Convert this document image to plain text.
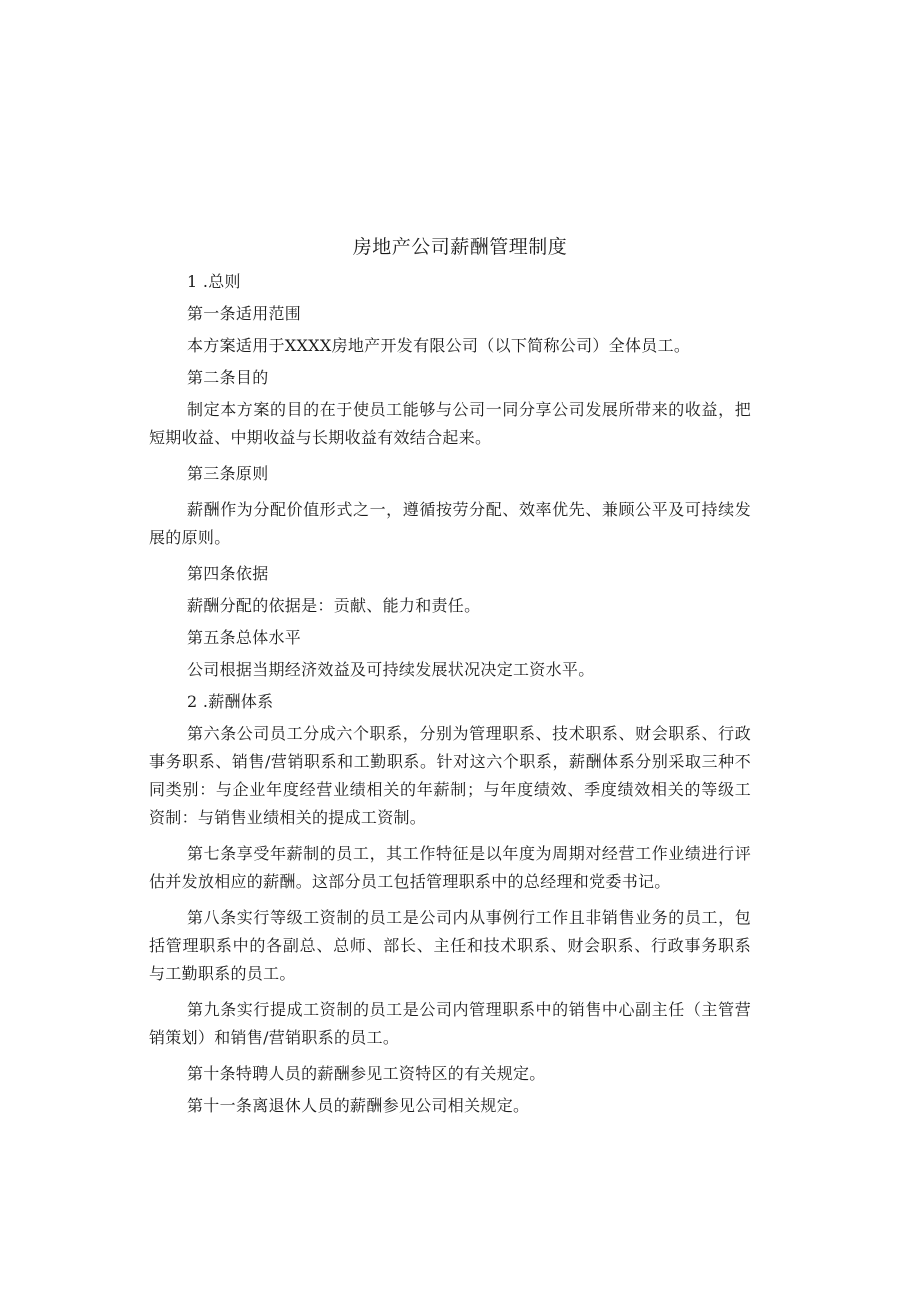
房地产公司薪酬管理制度

1 .总则

第一条适用范围

本方案适用于XXXX房地产开发有限公司（以下简称公司）全体员工。

第二条目的

制定本方案的目的在于使员工能够与公司一同分享公司发展所带来的收益，把短期收益、中期收益与长期收益有效结合起来。

第三条原则

薪酬作为分配价值形式之一，遵循按劳分配、效率优先、兼顾公平及可持续发展的原则。

第四条依据

薪酬分配的依据是：贡献、能力和责任。

第五条总体水平

公司根据当期经济效益及可持续发展状况决定工资水平。

2 .薪酬体系

第六条公司员工分成六个职系，分别为管理职系、技术职系、财会职系、行政事务职系、销售/营销职系和工勤职系。针对这六个职系，薪酬体系分别采取三种不同类别：与企业年度经营业绩相关的年薪制；与年度绩效、季度绩效相关的等级工资制：与销售业绩相关的提成工资制。

第七条享受年薪制的员工，其工作特征是以年度为周期对经营工作业绩进行评估并发放相应的薪酬。这部分员工包括管理职系中的总经理和党委书记。

第八条实行等级工资制的员工是公司内从事例行工作且非销售业务的员工，包括管理职系中的各副总、总师、部长、主任和技术职系、财会职系、行政事务职系与工勤职系的员工。

第九条实行提成工资制的员工是公司内管理职系中的销售中心副主任（主管营销策划）和销售/营销职系的员工。

第十条特聘人员的薪酬参见工资特区的有关规定。

第十一条离退休人员的薪酬参见公司相关规定。
